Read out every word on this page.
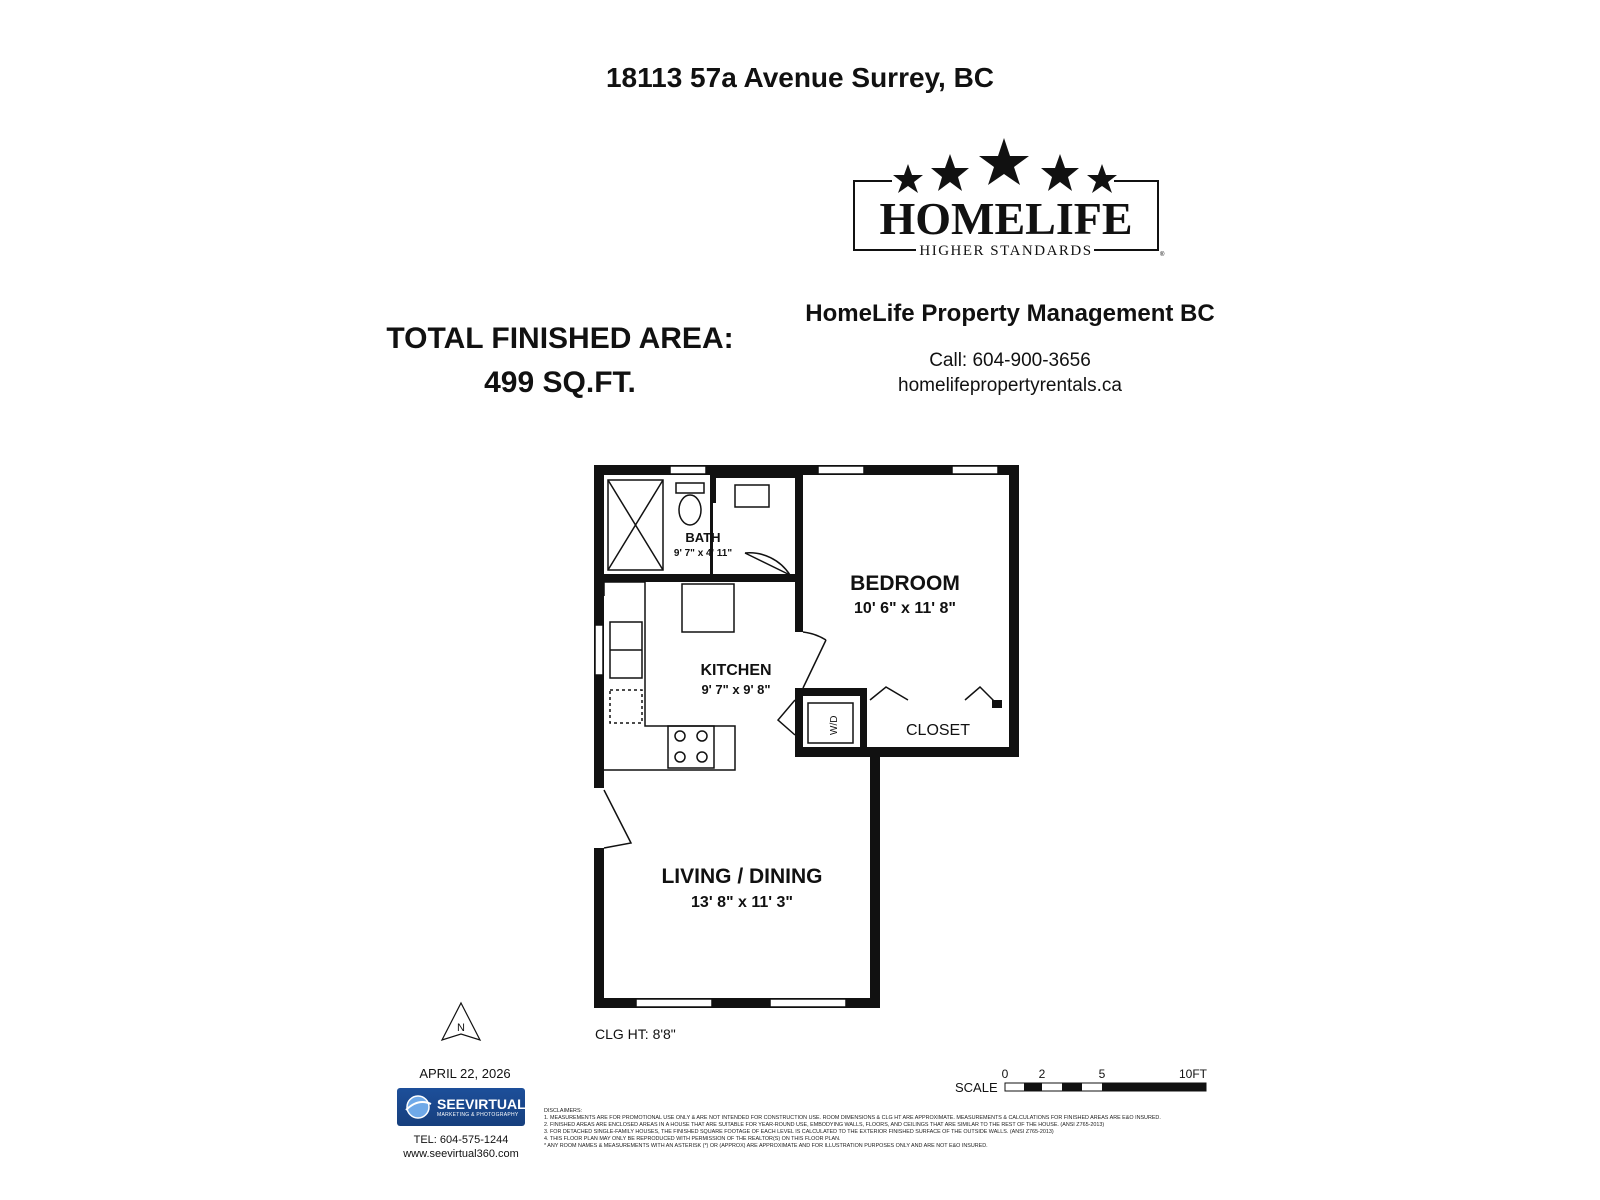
18113 57a Avenue Surrey, BC
HOMELIFE
HIGHER STANDARDS	®
HomeLife Property Management BC
Call: 604-900-3656
homelifepropertyrentals.ca
TOTAL FINISHED AREA:
499 SQ.FT.
BATH
9' 7" x 4' 11"
BEDROOM
10' 6" x 11' 8"
KITCHEN
9' 7" x 9' 8"
W/D	CLOSET
LIVING / DINING
13' 8" x 11' 3"
N	CLG HT: 8'8"
APRIL 22, 2026
SEEVIRTUAL
MARKETING & PHOTOGRAPHY
TEL: 604-575-1244
www.seevirtual360.com
DISCLAIMERS:
1. MEASUREMENTS ARE FOR PROMOTIONAL USE ONLY & ARE NOT INTENDED FOR CONSTRUCTION USE. ROOM DIMENSIONS & CLG HT ARE APPROXIMATE. MEASUREMENTS & CALCULATIONS FOR FINISHED AREAS ARE E&O INSURED.
2. FINISHED AREAS ARE ENCLOSED AREAS IN A HOUSE THAT ARE SUITABLE FOR YEAR-ROUND USE, EMBODYING WALLS, FLOORS, AND CEILINGS THAT ARE SIMILAR TO THE REST OF THE HOUSE. (ANSI Z765-2013)
3. FOR DETACHED SINGLE-FAMILY HOUSES, THE FINISHED SQUARE FOOTAGE OF EACH LEVEL IS CALCULATED TO THE EXTERIOR FINISHED SURFACE OF THE OUTSIDE WALLS. (ANSI Z765-2013)
4. THIS FLOOR PLAN MAY ONLY BE REPRODUCED WITH PERMISSION OF THE REALTOR(S) ON THIS FLOOR PLAN.
* ANY ROOM NAMES & MEASUREMENTS WITH AN ASTERISK (*) OR (APPROX) ARE APPROXIMATE AND FOR ILLUSTRATION PURPOSES ONLY AND ARE NOT E&O INSURED.
SCALE
0	2	5	10FT
